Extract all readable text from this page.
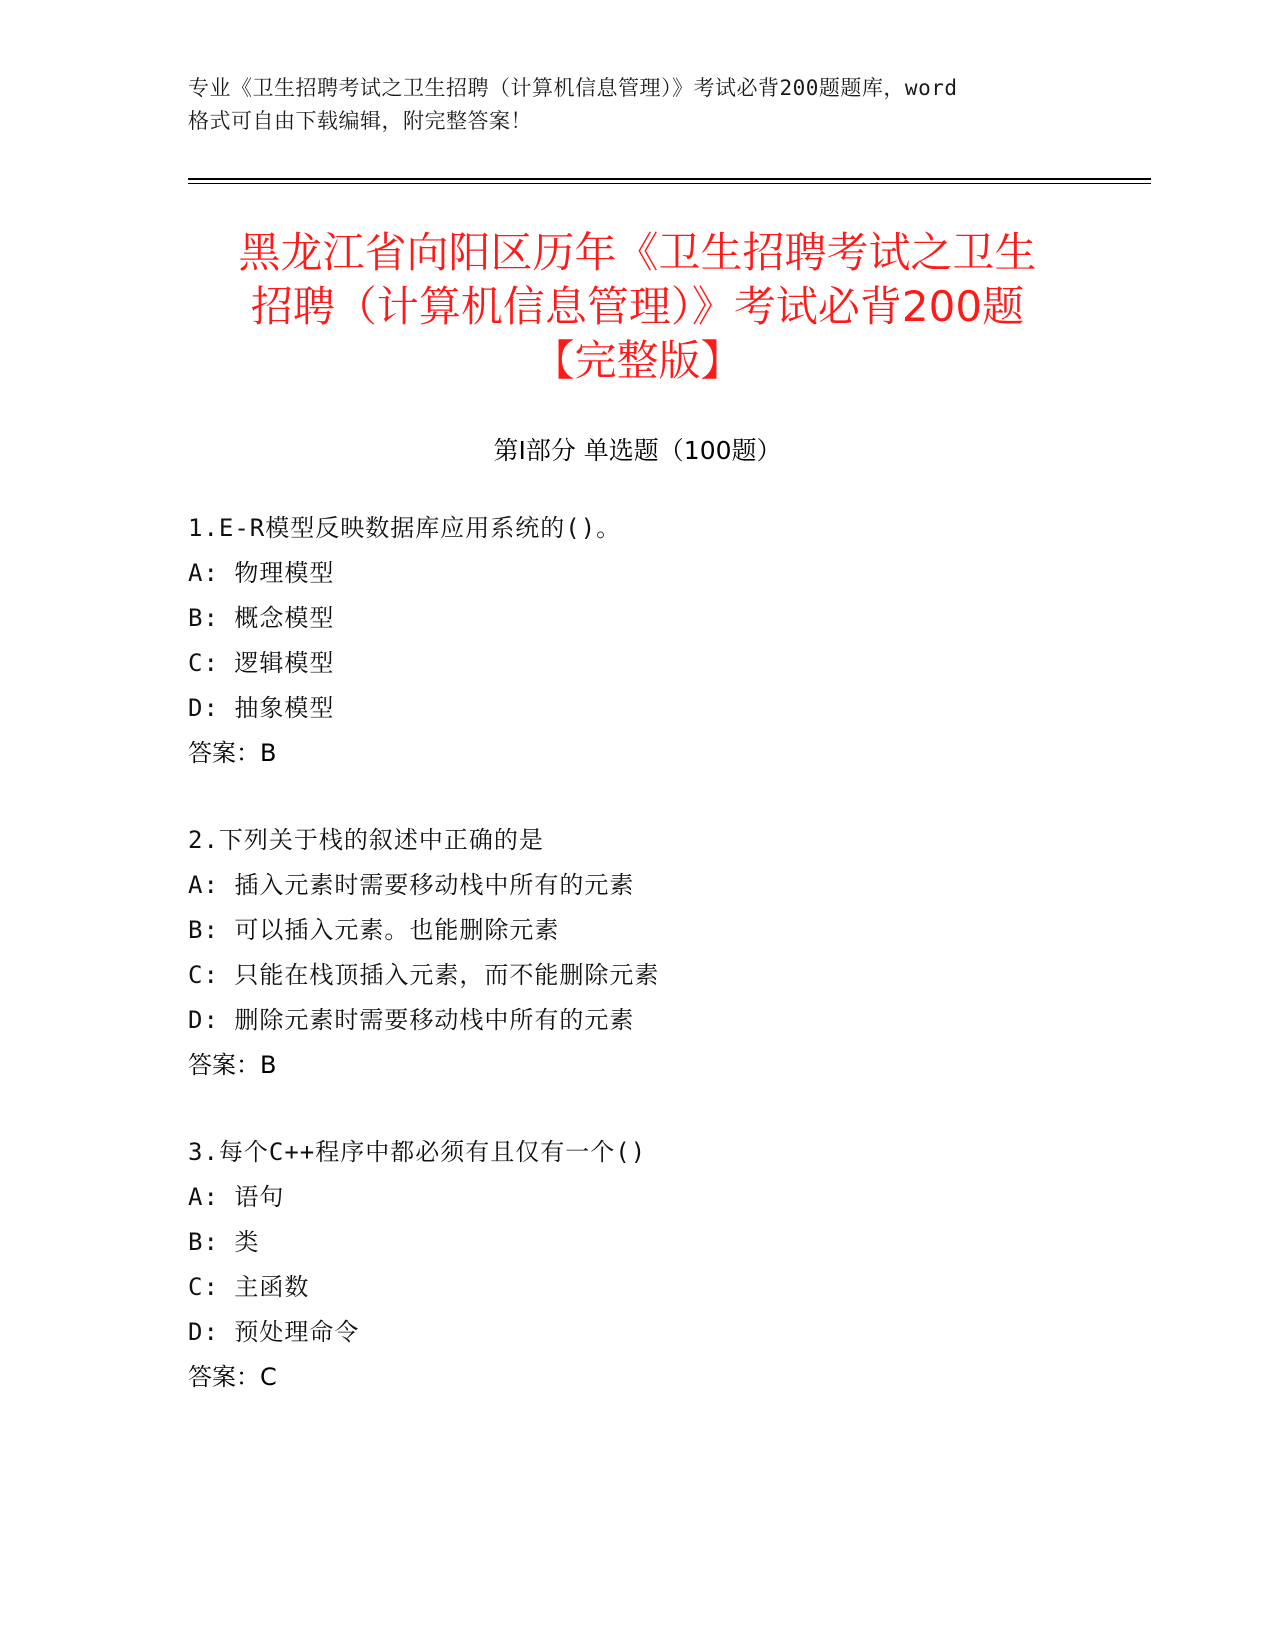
专业《卫生招聘考试之卫生招聘（计算机信息管理）》考试必背200题题库，word
格式可自由下载编辑，附完整答案！
黑龙江省向阳区历年《卫生招聘考试之卫生
招聘（计算机信息管理）》考试必背200题
【完整版】
第Ⅰ部分 单选题（100题）
1.E-R模型反映数据库应用系统的()。
A: 物理模型
B: 概念模型
C: 逻辑模型
D: 抽象模型
答案：B
2.下列关于栈的叙述中正确的是
A: 插入元素时需要移动栈中所有的元素
B: 可以插入元素。也能删除元素
C: 只能在栈顶插入元素，而不能删除元素
D: 删除元素时需要移动栈中所有的元素
答案：B
3.每个C++程序中都必须有且仅有一个()
A: 语句
B: 类
C: 主函数
D: 预处理命令
答案：C
